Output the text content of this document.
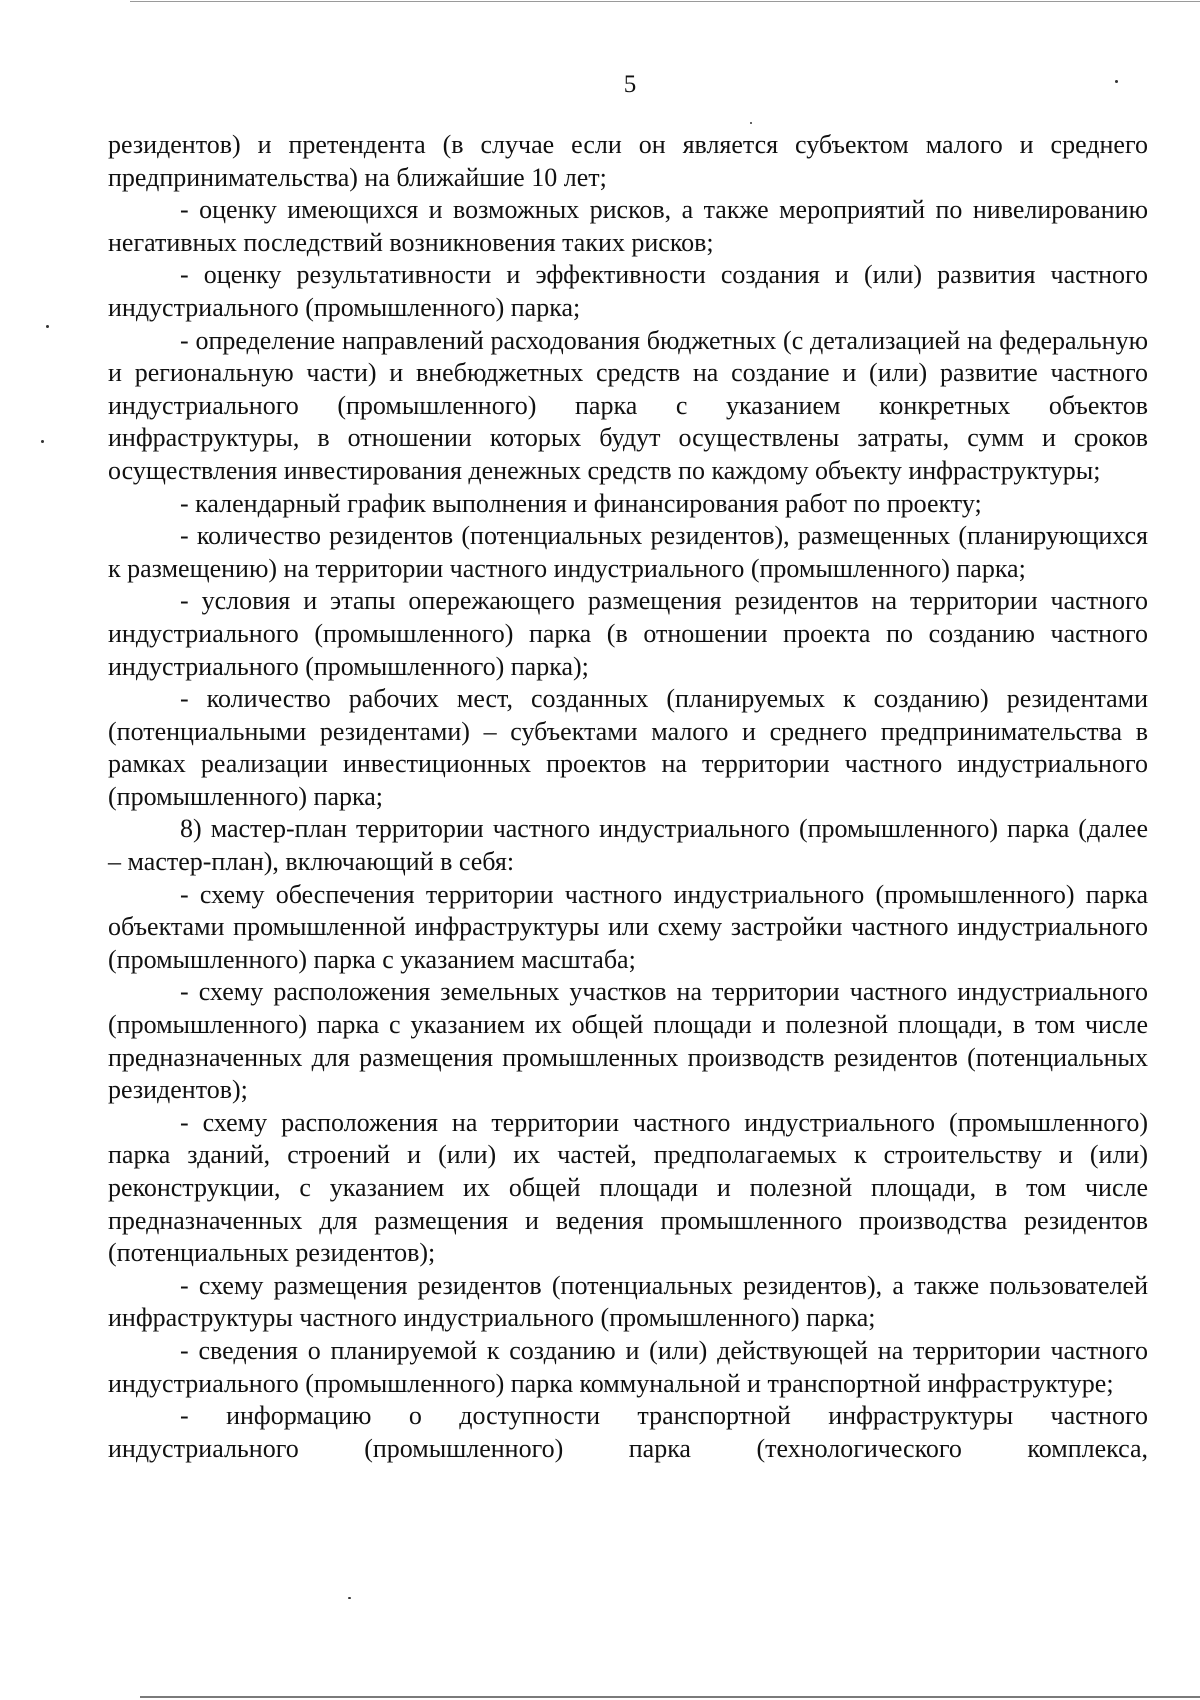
5

резидентов) и претендента (в случае если он является субъектом малого и среднего предпринимательства) на ближайшие 10 лет;

- оценку имеющихся и возможных рисков, а также мероприятий по нивелированию негативных последствий возникновения таких рисков;

- оценку результативности и эффективности создания и (или) развития частного индустриального (промышленного) парка;

- определение направлений расходования бюджетных (с детализацией на федеральную и региональную части) и внебюджетных средств на создание и (или) развитие частного индустриального (промышленного) парка с указанием конкретных объектов инфраструктуры, в отношении которых будут осуществлены затраты, сумм и сроков осуществления инвестирования денежных средств по каждому объекту инфраструктуры;

- календарный график выполнения и финансирования работ по проекту;

- количество резидентов (потенциальных резидентов), размещенных (планирующихся к размещению) на территории частного индустриального (промышленного) парка;

- условия и этапы опережающего размещения резидентов на территории частного индустриального (промышленного) парка (в отношении проекта по созданию частного индустриального (промышленного) парка);

- количество рабочих мест, созданных (планируемых к созданию) резидентами (потенциальными резидентами) – субъектами малого и среднего предпринимательства в рамках реализации инвестиционных проектов на территории частного индустриального (промышленного) парка;

8) мастер-план территории частного индустриального (промышленного) парка (далее – мастер-план), включающий в себя:

- схему обеспечения территории частного индустриального (промышленного) парка объектами промышленной инфраструктуры или схему застройки частного индустриального (промышленного) парка с указанием масштаба;

- схему расположения земельных участков на территории частного индустриального (промышленного) парка с указанием их общей площади и полезной площади, в том числе предназначенных для размещения промышленных производств резидентов (потенциальных резидентов);

- схему расположения на территории частного индустриального (промышленного) парка зданий, строений и (или) их частей, предполагаемых к строительству и (или) реконструкции, с указанием их общей площади и полезной площади, в том числе предназначенных для размещения и ведения промышленного производства резидентов (потенциальных резидентов);

- схему размещения резидентов (потенциальных резидентов), а также пользователей инфраструктуры частного индустриального (промышленного) парка;

- сведения о планируемой к созданию и (или) действующей на территории частного индустриального (промышленного) парка коммунальной и транспортной инфраструктуре;

- информацию о доступности транспортной инфраструктуры частного индустриального (промышленного) парка (технологического комплекса,
